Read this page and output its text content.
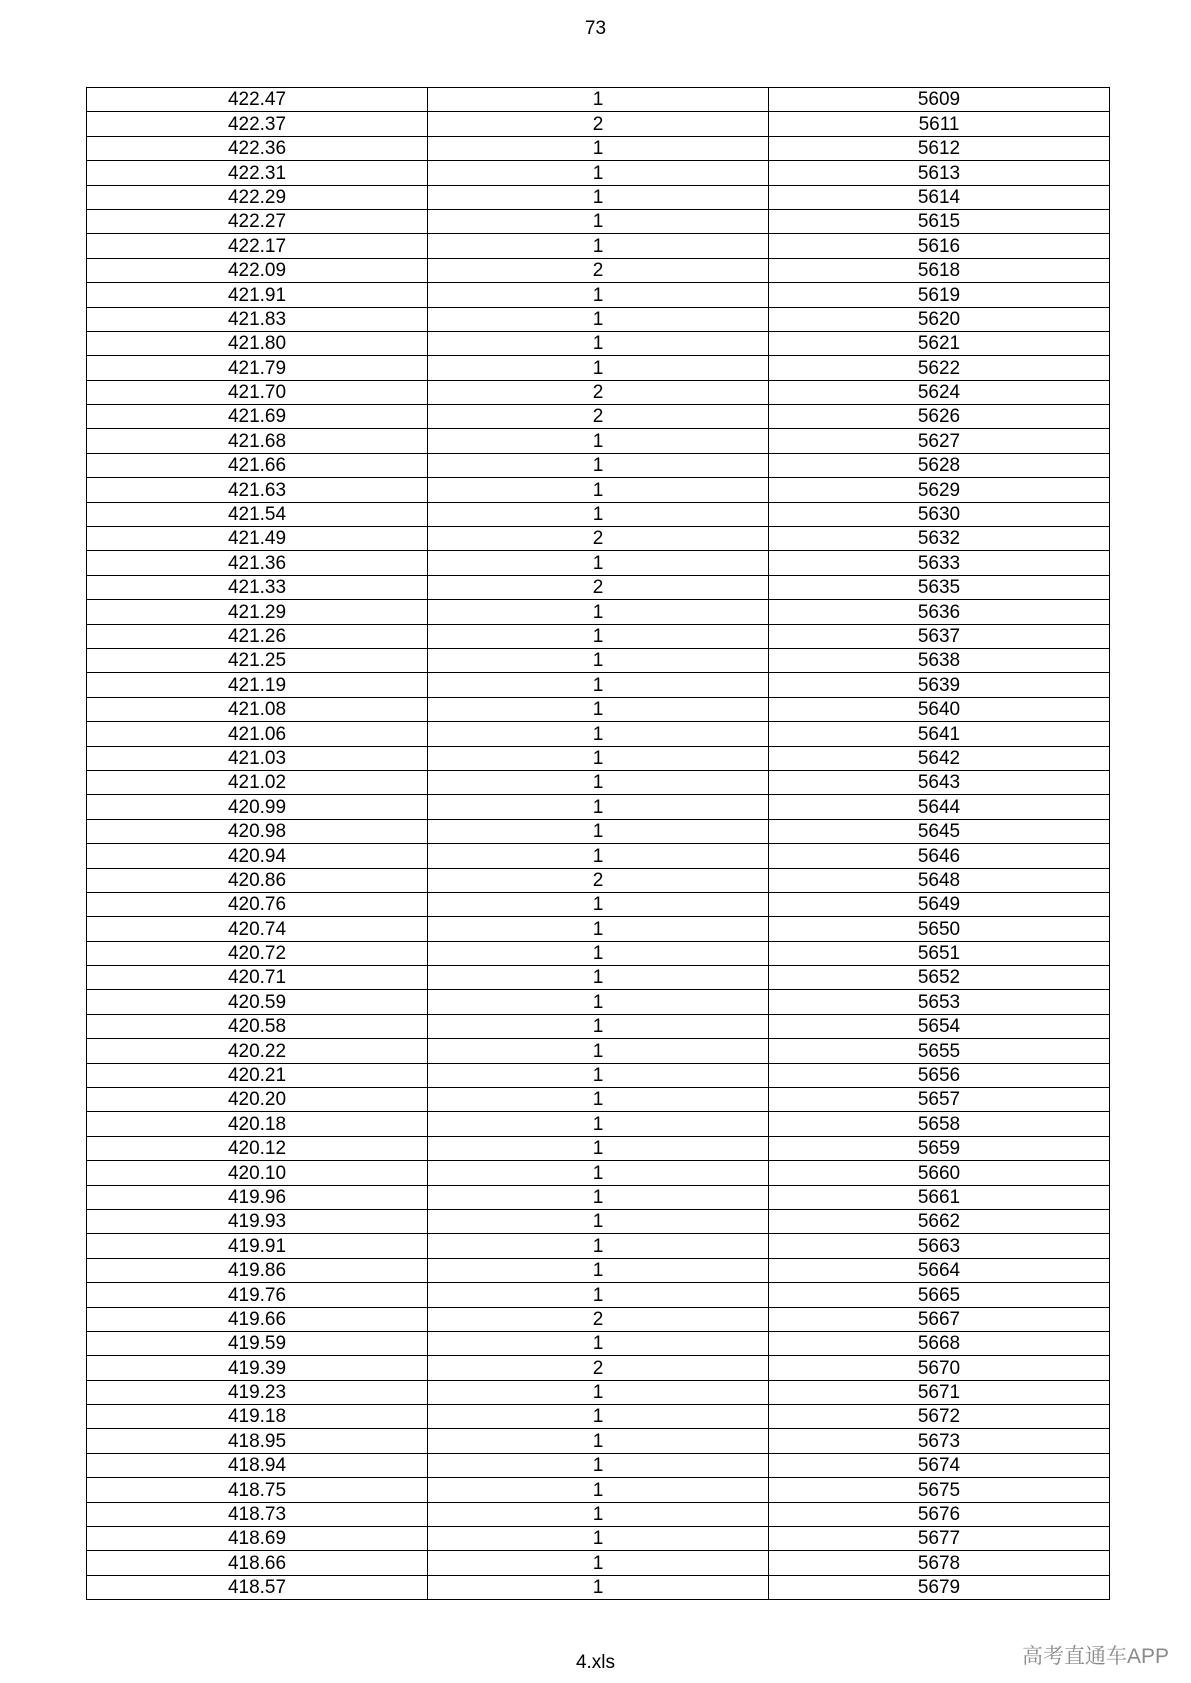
73
422.47	1	5609
422.37	2	5611
422.36	1	5612
422.31	1	5613
422.29	1	5614
422.27	1	5615
422.17	1	5616
422.09	2	5618
421.91	1	5619
421.83	1	5620
421.80	1	5621
421.79	1	5622
421.70	2	5624
421.69	2	5626
421.68	1	5627
421.66	1	5628
421.63	1	5629
421.54	1	5630
421.49	2	5632
421.36	1	5633
421.33	2	5635
421.29	1	5636
421.26	1	5637
421.25	1	5638
421.19	1	5639
421.08	1	5640
421.06	1	5641
421.03	1	5642
421.02	1	5643
420.99	1	5644
420.98	1	5645
420.94	1	5646
420.86	2	5648
420.76	1	5649
420.74	1	5650
420.72	1	5651
420.71	1	5652
420.59	1	5653
420.58	1	5654
420.22	1	5655
420.21	1	5656
420.20	1	5657
420.18	1	5658
420.12	1	5659
420.10	1	5660
419.96	1	5661
419.93	1	5662
419.91	1	5663
419.86	1	5664
419.76	1	5665
419.66	2	5667
419.59	1	5668
419.39	2	5670
419.23	1	5671
419.18	1	5672
418.95	1	5673
418.94	1	5674
418.75	1	5675
418.73	1	5676
418.69	1	5677
418.66	1	5678
418.57	1	5679
4.xls	高考直通车APP
